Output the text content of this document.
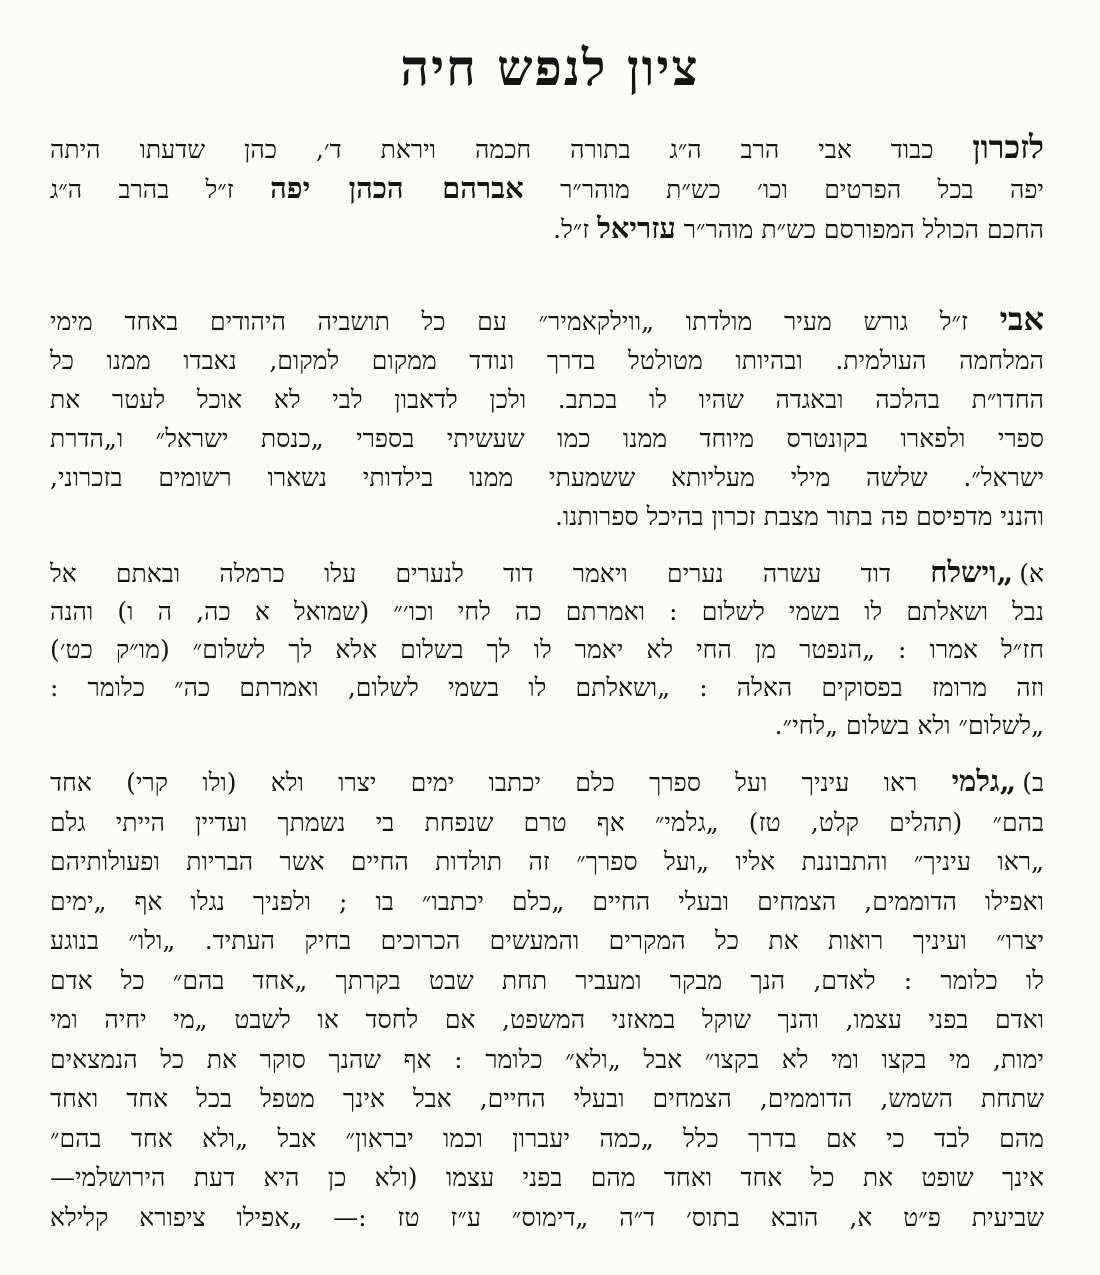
ציון לנפש חיה
לזכרון כבוד אבי הרב ה״ג בתורה חכמה ויראת ד׳, כהן שדעתו היתה
יפה בכל הפרטים וכו׳ כש״ת מוהר״ר אברהם הכהן יפה ז״ל בהרב ה״ג
החכם הכולל המפורסם כש״ת מוהר״ר עזריאל ז״ל.
אבי ז״ל גורש מעיר מולדתו „ווילקאמיר״ עם כל תושביה היהודים באחד מימי
המלחמה העולמית. ובהיותו מטולטל בדרך ונודד ממקום למקום, נאבדו ממנו כל
החדו״ת בהלכה ובאגדה שהיו לו בכתב. ולכן לדאבון לבי לא אוכל לעטר את
ספרי ולפארו בקונטרס מיוחד ממנו כמו שעשיתי בספרי „כנסת ישראל״ ו„הדרת
ישראל״. שלשה מילי מעליותא ששמעתי ממנו בילדותי נשארו רשומים בזכרוני,
והנני מדפיסם פה בתור מצבת זכרון בהיכל ספרותנו.
א)„וישלח דוד עשרה נערים ויאמר דוד לנערים עלו כרמלה ובאתם אל
נבל ושאלתם לו בשמי לשלום : ואמרתם כה לחי וכו׳״ (שמואל א כה, ה ו) והנה
חז״ל אמרו : „הנפטר מן החי לא יאמר לו לך בשלום אלא לך לשלום״ (מו״ק כט׳)
וזה מרומז בפסוקים האלה : „ושאלתם לו בשמי לשלום, ואמרתם כה״ כלומר :
„לשלום״ ולא בשלום „לחי״.
ב)„גלמי ראו עיניך ועל ספרך כלם יכתבו ימים יצרו ולא (ולו קרי) אחד
בהם״ (תהלים קלט, טז) „גלמי״ אף טרם שנפחת בי נשמתך ועדיין הייתי גלם
„ראו עיניך״ והתבוננת אליו „ועל ספרך״ זה תולדות החיים אשר הבריות ופעולותיהם
ואפילו הדוממים, הצמחים ובעלי החיים „כלם יכתבו״ בו ; ולפניך נגלו אף „ימים
יצרו״ ועיניך רואות את כל המקרים והמעשים הכרוכים בחיק העתיד. „ולו״ בנוגע
לו כלומר : לאדם, הנך מבקר ומעביר תחת שבט בקרתך „אחד בהם״ כל אדם
ואדם בפני עצמו, והנך שוקל במאזני המשפט, אם לחסד או לשבט „מי יחיה ומי
ימות, מי בקצו ומי לא בקצו״ אבל „ולא״ כלומר : אף שהנך סוקר את כל הנמצאים
שתחת השמש, הדוממים, הצמחים ובעלי החיים, אבל אינך מטפל בכל אחד ואחד
מהם לבד כי אם בדרך כלל „כמה יעברון וכמו יבראון״ אבל „ולא אחד בהם״
אינך שופט את כל אחד ואחד מהם בפני עצמו (ולא כן היא דעת הירושלמי—
שביעית פ״ט א, הובא בתוס׳ ד״ה „דימוס״ ע״ז טז :— „אפילו ציפורא קלילא
